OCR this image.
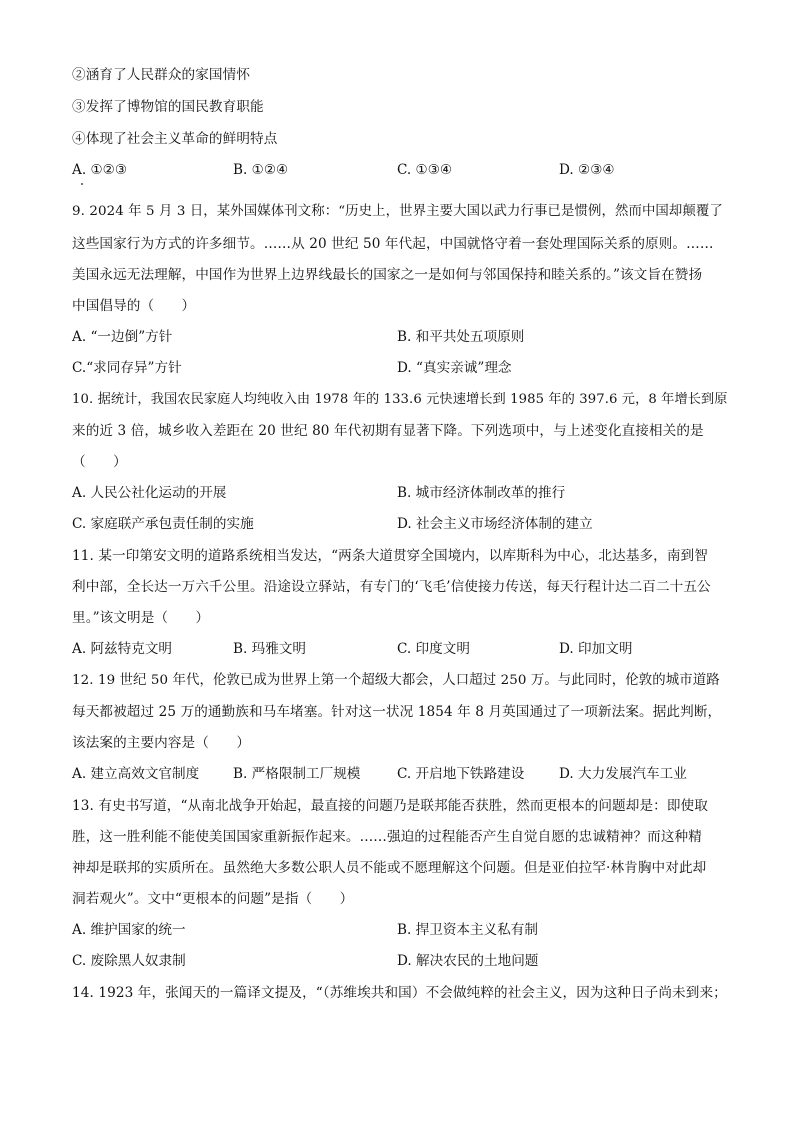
②涵育了人民群众的家国情怀
③发挥了博物馆的国民教育职能
④体现了社会主义革命的鲜明特点
A. ①②③	B. ①②④	C. ①③④	D. ②③④
9. 2024 年 5 月 3 日，某外国媒体刊文称：“历史上，世界主要大国以武力行事已是惯例，然而中国却颠覆了
这些国家行为方式的许多细节。……从 20 世纪 50 年代起，中国就恪守着一套处理国际关系的原则。……
美国永远无法理解，中国作为世界上边界线最长的国家之一是如何与邻国保持和睦关系的。”该文旨在赞扬
中国倡导的（　　）
A. “一边倒”方针	B. 和平共处五项原则
C.“求同存异”方针	D. “真实亲诚”理念
10. 据统计，我国农民家庭人均纯收入由 1978 年的 133.6 元快速增长到 1985 年的 397.6 元，8 年增长到原
来的近 3 倍，城乡收入差距在 20 世纪 80 年代初期有显著下降。下列选项中，与上述变化直接相关的是
（　　）
A. 人民公社化运动的开展	B. 城市经济体制改革的推行
C. 家庭联产承包责任制的实施	D. 社会主义市场经济体制的建立
11. 某一印第安文明的道路系统相当发达，“两条大道贯穿全国境内，以库斯科为中心，北达基多，南到智
利中部，全长达一万六千公里。沿途设立驿站，有专门的‘飞毛’信使接力传送，每天行程计达二百二十五公
里。”该文明是（　　）
A. 阿兹特克文明	B. 玛雅文明	C. 印度文明	D. 印加文明
12. 19 世纪 50 年代，伦敦已成为世界上第一个超级大都会，人口超过 250 万。与此同时，伦敦的城市道路
每天都被超过 25 万的通勤族和马车堵塞。针对这一状况 1854 年 8 月英国通过了一项新法案。据此判断，
该法案的主要内容是（　　）
A. 建立高效文官制度 B. 严格限制工厂规模	C. 开启地下铁路建设	D. 大力发展汽车工业
13. 有史书写道，“从南北战争开始起，最直接的问题乃是联邦能否获胜，然而更根本的问题却是：即使取
胜，这一胜利能不能使美国国家重新振作起来。……强迫的过程能否产生自觉自愿的忠诚精神？而这种精
神却是联邦的实质所在。虽然绝大多数公职人员不能或不愿理解这个问题。但是亚伯拉罕·林肯胸中对此却
洞若观火”。文中“更根本的问题”是指（　　）
A. 维护国家的统一	B. 捍卫资本主义私有制
C. 废除黑人奴隶制	D. 解决农民的土地问题
14. 1923 年，张闻天的一篇译文提及，“（苏维埃共和国）不会做纯粹的社会主义，因为这种日子尚未到来；
